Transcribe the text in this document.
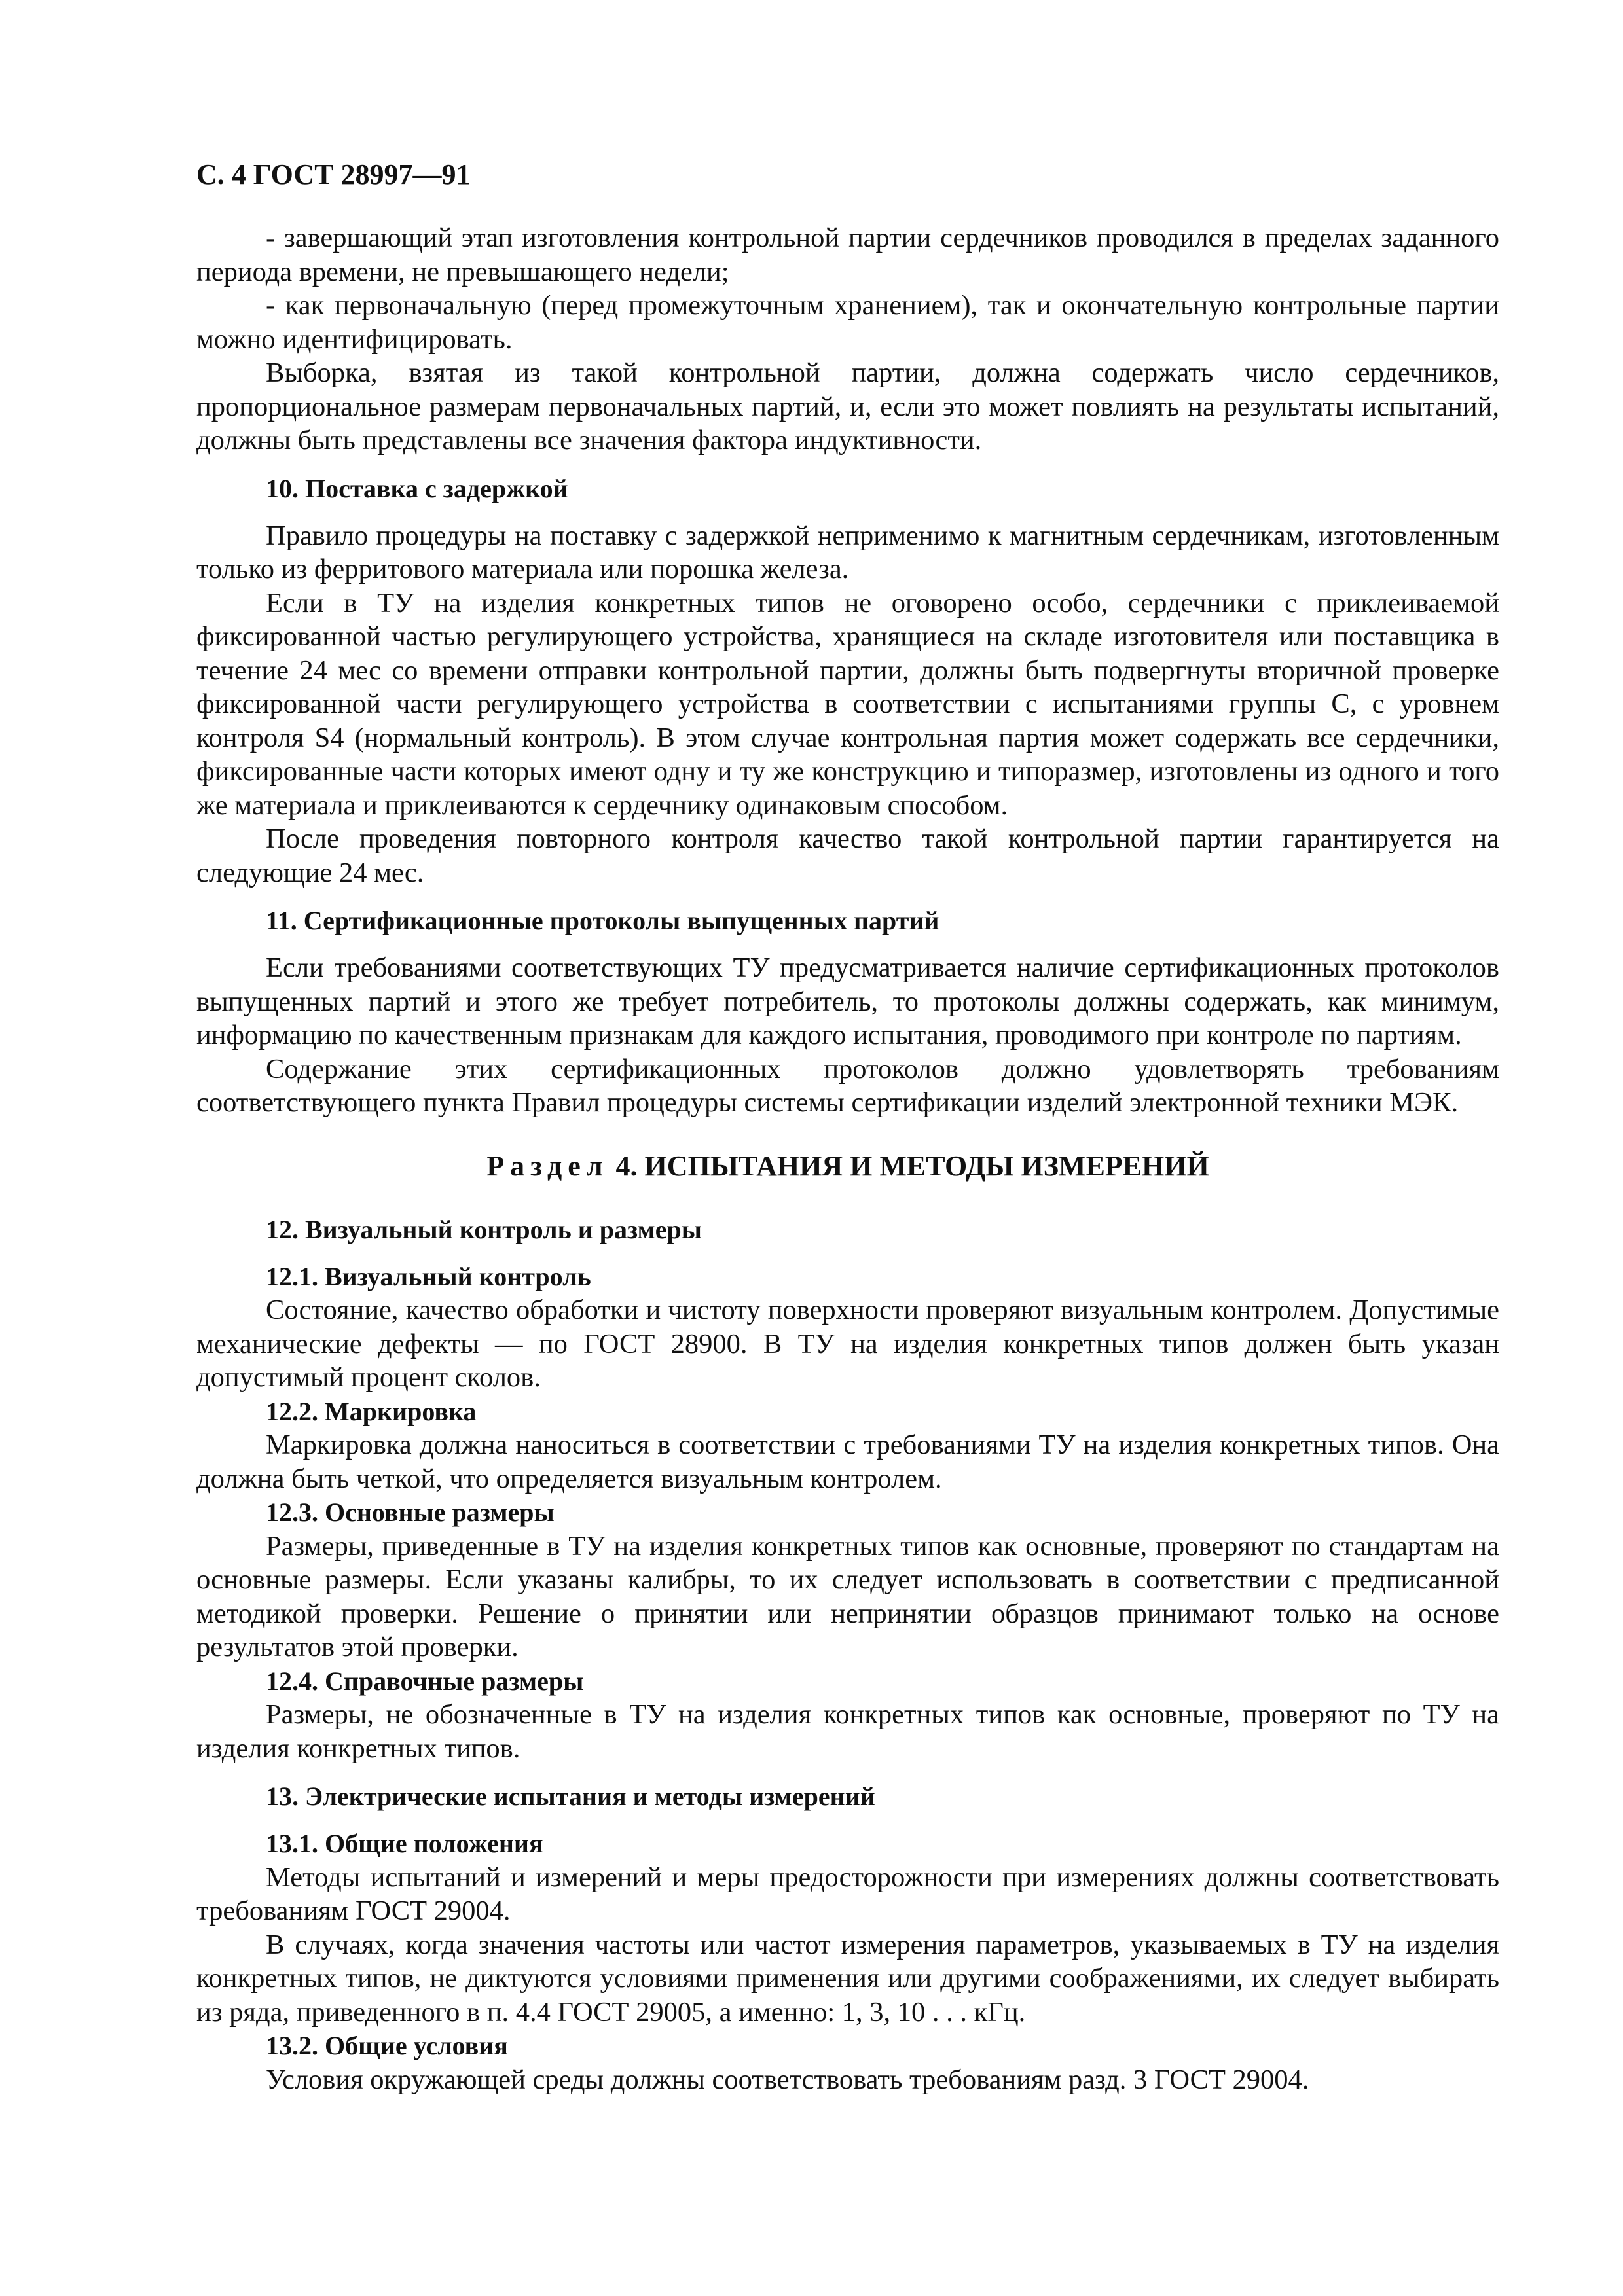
С. 4 ГОСТ 28997—91

- завершающий этап изготовления контрольной партии сердечников проводился в пределах заданного периода времени, не превышающего недели;

- как первоначальную (перед промежуточным хранением), так и окончательную контрольные партии можно идентифицировать.

Выборка, взятая из такой контрольной партии, должна содержать число сердечников, пропорциональное размерам первоначальных партий, и, если это может повлиять на результаты испытаний, должны быть представлены все значения фактора индуктивности.

10. Поставка с задержкой

Правило процедуры на поставку с задержкой неприменимо к магнитным сердечникам, изготовленным только из ферритового материала или порошка железа.

Если в ТУ на изделия конкретных типов не оговорено особо, сердечники с приклеиваемой фиксированной частью регулирующего устройства, хранящиеся на складе изготовителя или поставщика в течение 24 мес со времени отправки контрольной партии, должны быть подвергнуты вторичной проверке фиксированной части регулирующего устройства в соответствии с испытаниями группы С, с уровнем контроля S4 (нормальный контроль). В этом случае контрольная партия может содержать все сердечники, фиксированные части которых имеют одну и ту же конструкцию и типоразмер, изготовлены из одного и того же материала и приклеиваются к сердечнику одинаковым способом.

После проведения повторного контроля качество такой контрольной партии гарантируется на следующие 24 мес.

11. Сертификационные протоколы выпущенных партий

Если требованиями соответствующих ТУ предусматривается наличие сертификационных протоколов выпущенных партий и этого же требует потребитель, то протоколы должны содержать, как минимум, информацию по качественным признакам для каждого испытания, проводимого при контроле по партиям.

Содержание этих сертификационных протоколов должно удовлетворять требованиям соответствующего пункта Правил процедуры системы сертификации изделий электронной техники МЭК.

Раздел 4. ИСПЫТАНИЯ И МЕТОДЫ ИЗМЕРЕНИЙ
12. Визуальный контроль и размеры
12.1. Визуальный контроль

Состояние, качество обработки и чистоту поверхности проверяют визуальным контролем. Допустимые механические дефекты — по ГОСТ 28900. В ТУ на изделия конкретных типов должен быть указан допустимый процент сколов.

12.2. Маркировка

Маркировка должна наноситься в соответствии с требованиями ТУ на изделия конкретных типов. Она должна быть четкой, что определяется визуальным контролем.

12.3. Основные размеры

Размеры, приведенные в ТУ на изделия конкретных типов как основные, проверяют по стандартам на основные размеры. Если указаны калибры, то их следует использовать в соответствии с предписанной методикой проверки. Решение о принятии или непринятии образцов принимают только на основе результатов этой проверки.

12.4. Справочные размеры

Размеры, не обозначенные в ТУ на изделия конкретных типов как основные, проверяют по ТУ на изделия конкретных типов.

13. Электрические испытания и методы измерений
13.1. Общие положения

Методы испытаний и измерений и меры предосторожности при измерениях должны соответствовать требованиям ГОСТ 29004.

В случаях, когда значения частоты или частот измерения параметров, указываемых в ТУ на изделия конкретных типов, не диктуются условиями применения или другими соображениями, их следует выбирать из ряда, приведенного в п. 4.4 ГОСТ 29005, а именно: 1, 3, 10 . . . кГц.

13.2. Общие условия

Условия окружающей среды должны соответствовать требованиям разд. 3 ГОСТ 29004.
